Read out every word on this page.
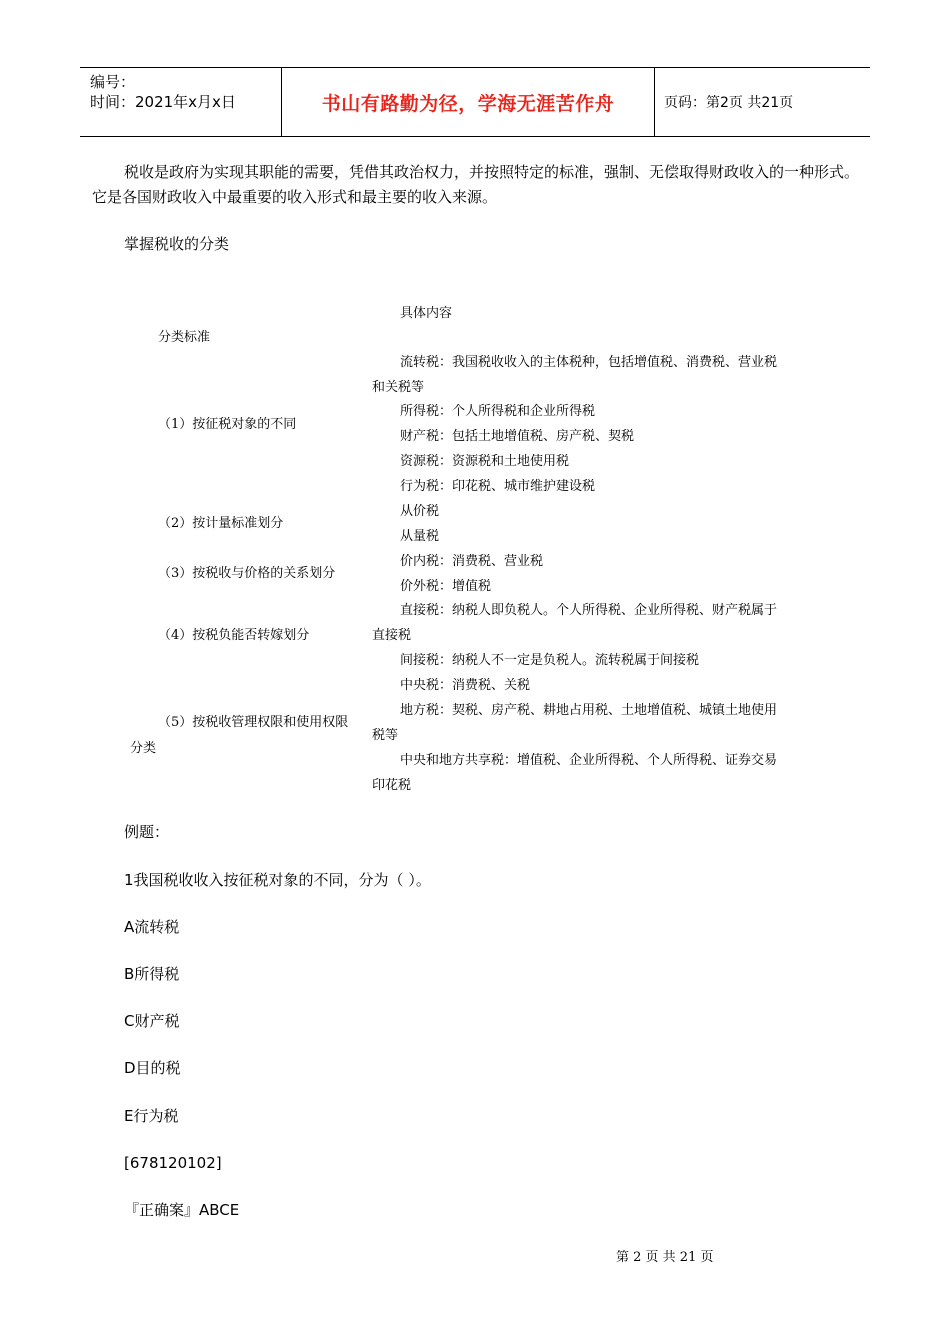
编号：
时间：2021年x月x日	书山有路勤为径，学海无涯苦作舟	页码：第2页 共21页
税收是政府为实现其职能的需要，凭借其政治权力，并按照特定的标准，强制、无偿取得财政收入的一种形式。它是各国财政收入中最重要的收入形式和最主要的收入来源。
掌握税收的分类
具体内容
分类标准
（1）按征税对象的不同
（2）按计量标准划分
（3）按税收与价格的关系划分
（4）按税负能否转嫁划分
（5）按税收管理权限和使用权限
分类
流转税：我国税收收入的主体税种，包括增值税、消费税、营业税
和关税等
所得税：个人所得税和企业所得税
财产税：包括土地增值税、房产税、契税
资源税：资源税和土地使用税
行为税：印花税、城市维护建设税
从价税
从量税
价内税：消费税、营业税
价外税：增值税
直接税：纳税人即负税人。个人所得税、企业所得税、财产税属于
直接税
间接税：纳税人不一定是负税人。流转税属于间接税
中央税：消费税、关税
地方税：契税、房产税、耕地占用税、土地增值税、城镇土地使用
税等
中央和地方共享税：增值税、企业所得税、个人所得税、证券交易
印花税
例题：
1我国税收收入按征税对象的不同，分为（ ）。
A流转税
B所得税
C财产税
D目的税
E行为税
[678120102]
『正确案』ABCE
第 2 页 共 21 页
